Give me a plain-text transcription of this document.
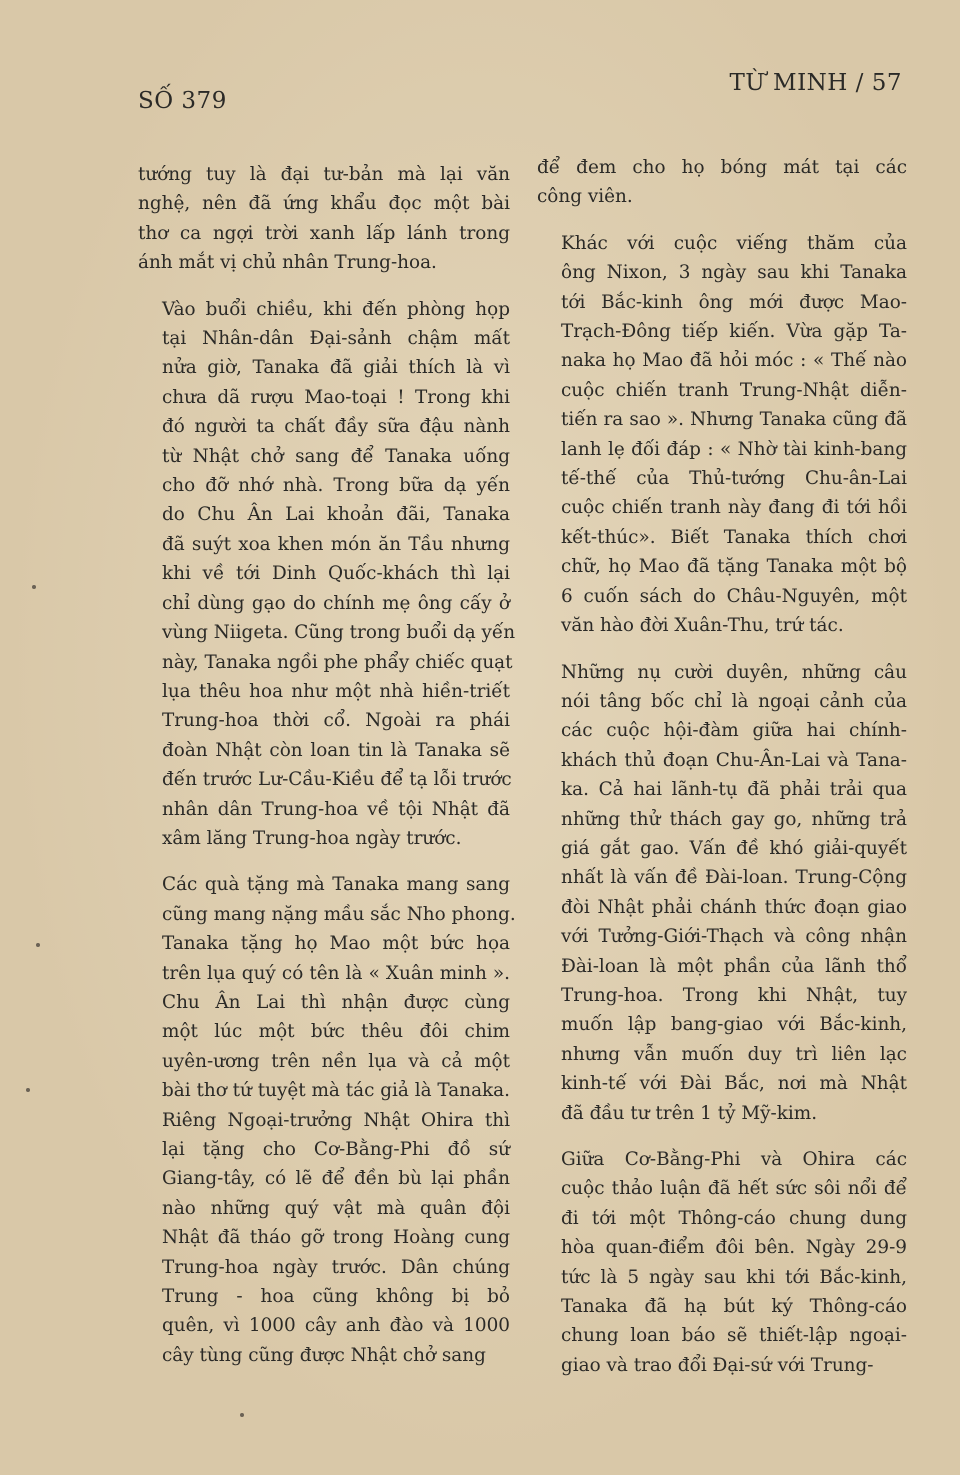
SỐ 379
TỪ MINH / 57
tướng tuy là đại tư-bản mà lại văn
nghệ, nên đã ứng khẩu đọc một bài
thơ ca ngợi trời xanh lấp lánh trong
ánh mắt vị chủ nhân Trung-hoa.
Vào buổi chiều, khi đến phòng họp
tại Nhân-dân Đại-sảnh chậm mất
nửa giờ, Tanaka đã giải thích là vì
chưa dã rượu Mao-toại ! Trong khi
đó người ta chất đầy sữa đậu nành
từ Nhật chở sang để Tanaka uống
cho đỡ nhớ nhà. Trong bữa dạ yến
do Chu Ân Lai khoản đãi, Tanaka
đã suýt xoa khen món ăn Tầu nhưng
khi về tới Dinh Quốc-khách thì lại
chỉ dùng gạo do chính mẹ ông cấy ở
vùng Niigeta. Cũng trong buổi dạ yến
này, Tanaka ngồi phe phẩy chiếc quạt
lụa thêu hoa như một nhà hiền-triết
Trung-hoa thời cổ. Ngoài ra phái
đoàn Nhật còn loan tin là Tanaka sẽ
đến trước Lư-Cầu-Kiều để tạ lỗi trước
nhân dân Trung-hoa về tội Nhật đã
xâm lăng Trung-hoa ngày trước.
Các quà tặng mà Tanaka mang sang
cũng mang nặng mầu sắc Nho phong.
Tanaka tặng họ Mao một bức họa
trên lụa quý có tên là « Xuân minh ».
Chu Ân Lai thì nhận được cùng
một lúc một bức thêu đôi chim
uyên-ương trên nền lụa và cả một
bài thơ tứ tuyệt mà tác giả là Tanaka.
Riêng Ngoại-trưởng Nhật Ohira thì
lại tặng cho Cơ-Bằng-Phi đồ sứ
Giang-tây, có lẽ để đền bù lại phần
nào những quý vật mà quân đội
Nhật đã tháo gỡ trong Hoàng cung
Trung-hoa ngày trước. Dân chúng
Trung - hoa cũng không bị bỏ
quên, vì 1000 cây anh đào và 1000
cây tùng cũng được Nhật chở sang
để đem cho họ bóng mát tại các
công viên.
Khác với cuộc viếng thăm của
ông Nixon, 3 ngày sau khi Tanaka
tới Bắc-kinh ông mới được Mao-
Trạch-Đông tiếp kiến. Vừa gặp Ta-
naka họ Mao đã hỏi móc : « Thế nào
cuộc chiến tranh Trung-Nhật diễn-
tiến ra sao ». Nhưng Tanaka cũng đã
lanh lẹ đối đáp : « Nhờ tài kinh-bang
tế-thế của Thủ-tướng Chu-ân-Lai
cuộc chiến tranh này đang đi tới hồi
kết-thúc». Biết Tanaka thích chơi
chữ, họ Mao đã tặng Tanaka một bộ
6 cuốn sách do Châu-Nguyên, một
văn hào đời Xuân-Thu, trứ tác.
Những nụ cười duyên, những câu
nói tâng bốc chỉ là ngoại cảnh của
các cuộc hội-đàm giữa hai chính-
khách thủ đoạn Chu-Ân-Lai và Tana-
ka. Cả hai lãnh-tụ đã phải trải qua
những thử thách gay go, những trả
giá gắt gao. Vấn đề khó giải-quyết
nhất là vấn đề Đài-loan. Trung-Cộng
đòi Nhật phải chánh thức đoạn giao
với Tưởng-Giới-Thạch và công nhận
Đài-loan là một phần của lãnh thổ
Trung-hoa. Trong khi Nhật, tuy
muốn lập bang-giao với Bắc-kinh,
nhưng vẫn muốn duy trì liên lạc
kinh-tế với Đài Bắc, nơi mà Nhật
đã đầu tư trên 1 tỷ Mỹ-kim.
Giữa Cơ-Bằng-Phi và Ohira các
cuộc thảo luận đã hết sức sôi nổi để
đi tới một Thông-cáo chung dung
hòa quan-điểm đôi bên. Ngày 29-9
tức là 5 ngày sau khi tới Bắc-kinh,
Tanaka đã hạ bút ký Thông-cáo
chung loan báo sẽ thiết-lập ngoại-
giao và trao đổi Đại-sứ với Trung-
